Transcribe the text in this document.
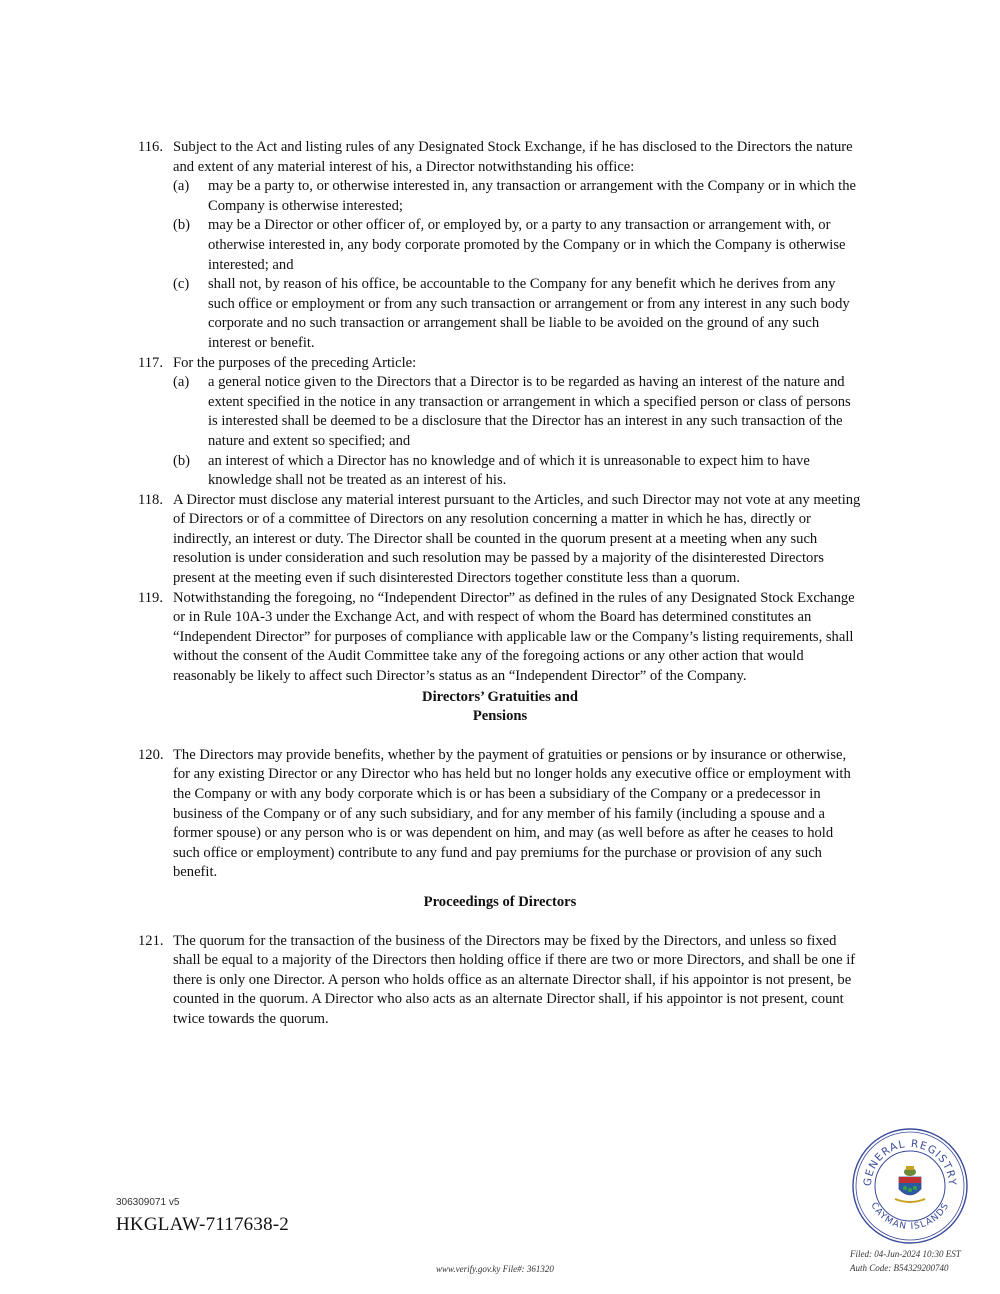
116. Subject to the Act and listing rules of any Designated Stock Exchange, if he has disclosed to the Directors the nature and extent of any material interest of his, a Director notwithstanding his office:
(a) may be a party to, or otherwise interested in, any transaction or arrangement with the Company or in which the Company is otherwise interested;
(b) may be a Director or other officer of, or employed by, or a party to any transaction or arrangement with, or otherwise interested in, any body corporate promoted by the Company or in which the Company is otherwise interested; and
(c) shall not, by reason of his office, be accountable to the Company for any benefit which he derives from any such office or employment or from any such transaction or arrangement or from any interest in any such body corporate and no such transaction or arrangement shall be liable to be avoided on the ground of any such interest or benefit.
117. For the purposes of the preceding Article:
(a) a general notice given to the Directors that a Director is to be regarded as having an interest of the nature and extent specified in the notice in any transaction or arrangement in which a specified person or class of persons is interested shall be deemed to be a disclosure that the Director has an interest in any such transaction of the nature and extent so specified; and
(b) an interest of which a Director has no knowledge and of which it is unreasonable to expect him to have knowledge shall not be treated as an interest of his.
118. A Director must disclose any material interest pursuant to the Articles, and such Director may not vote at any meeting of Directors or of a committee of Directors on any resolution concerning a matter in which he has, directly or indirectly, an interest or duty. The Director shall be counted in the quorum present at a meeting when any such resolution is under consideration and such resolution may be passed by a majority of the disinterested Directors present at the meeting even if such disinterested Directors together constitute less than a quorum.
119. Notwithstanding the foregoing, no “Independent Director” as defined in the rules of any Designated Stock Exchange or in Rule 10A-3 under the Exchange Act, and with respect of whom the Board has determined constitutes an “Independent Director” for purposes of compliance with applicable law or the Company’s listing requirements, shall without the consent of the Audit Committee take any of the foregoing actions or any other action that would reasonably be likely to affect such Director’s status as an “Independent Director” of the Company.
Directors’ Gratuities and
Pensions
120. The Directors may provide benefits, whether by the payment of gratuities or pensions or by insurance or otherwise, for any existing Director or any Director who has held but no longer holds any executive office or employment with the Company or with any body corporate which is or has been a subsidiary of the Company or a predecessor in business of the Company or of any such subsidiary, and for any member of his family (including a spouse and a former spouse) or any person who is or was dependent on him, and may (as well before as after he ceases to hold such office or employment) contribute to any fund and pay premiums for the purchase or provision of any such benefit.
Proceedings of Directors
121. The quorum for the transaction of the business of the Directors may be fixed by the Directors, and unless so fixed shall be equal to a majority of the Directors then holding office if there are two or more Directors, and shall be one if there is only one Director. A person who holds office as an alternate Director shall, if his appointor is not present, be counted in the quorum. A Director who also acts as an alternate Director shall, if his appointor is not present, count twice towards the quorum.
306309071 v5
HKGLAW-7117638-2
www.verify.gov.ky File#: 361320
GENERAL REGISTRY
CAYMAN ISLANDS
Filed: 04-Jun-2024 10:30 EST
Auth Code: B54329200740
